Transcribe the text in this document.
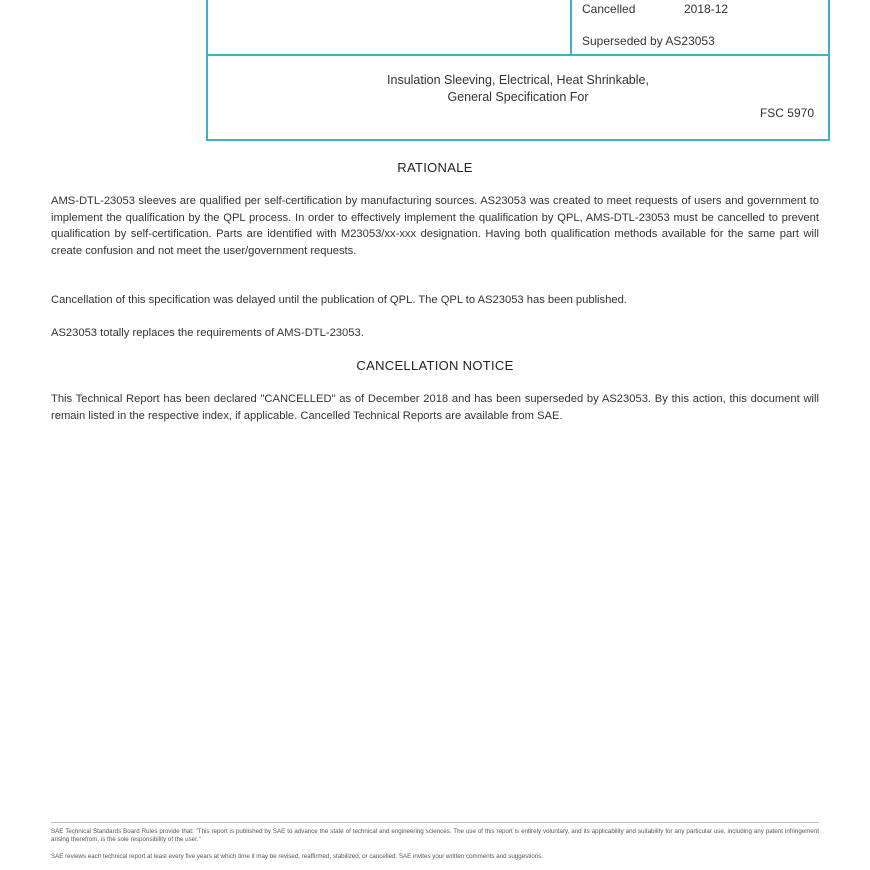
Cancelled	2018-12
Superseded by AS23053
Insulation Sleeving, Electrical, Heat Shrinkable,
General Specification For
FSC 5970
RATIONALE

AMS-DTL-23053 sleeves are qualified per self-certification by manufacturing sources. AS23053 was created to meet requests of users and government to implement the qualification by the QPL process. In order to effectively implement the qualification by QPL, AMS-DTL-23053 must be cancelled to prevent qualification by self-certification. Parts are identified with M23053/xx-xxx designation. Having both qualification methods available for the same part will create confusion and not meet the user/government requests.

Cancellation of this specification was delayed until the publication of QPL. The QPL to AS23053 has been published.

AS23053 totally replaces the requirements of AMS-DTL-23053.

CANCELLATION NOTICE

This Technical Report has been declared "CANCELLED" as of December 2018 and has been superseded by AS23053. By this action, this document will remain listed in the respective index, if applicable. Cancelled Technical Reports are available from SAE.

SAE Technical Standards Board Rules provide that: "This report is published by SAE to advance the state of technical and engineering sciences. The use of this report is entirely voluntary, and its applicability and suitability for any particular use, including any patent infringement arising therefrom, is the sole responsibility of the user."

SAE reviews each technical report at least every five years at which time it may be revised, reaffirmed, stabilized, or cancelled. SAE invites your written comments and suggestions.
